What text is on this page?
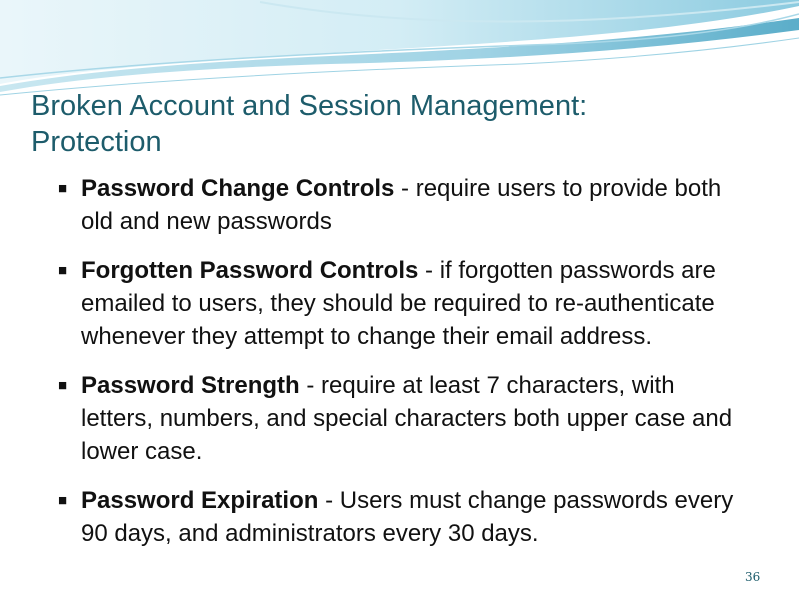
Broken Account and Session Management:
Protection
■ Password Change Controls - require users to provide both old and new passwords
■ Forgotten Password Controls - if forgotten passwords are emailed to users, they should be required to re-authenticate whenever they attempt to change their email address.
■ Password Strength - require at least 7 characters, with letters, numbers, and special characters both upper case and lower case.
■ Password Expiration - Users must change passwords every 90 days, and administrators every 30 days.
36
